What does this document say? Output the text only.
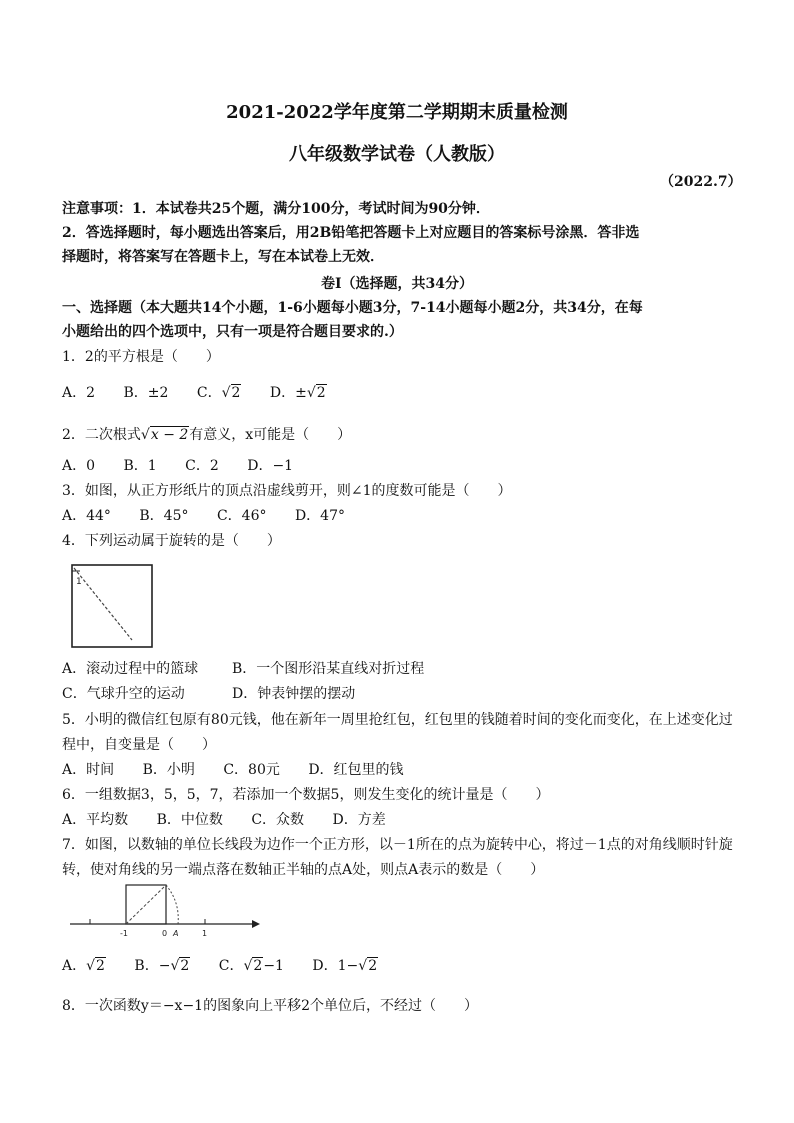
2021-2022学年度第二学期期末质量检测
八年级数学试卷（人教版）
（2022.7）
注意事项：1．本试卷共25个题，满分100分，考试时间为90分钟．
2．答选择题时，每小题选出答案后，用2B铅笔把答题卡上对应题目的答案标号涂黑．答非选
择题时，将答案写在答题卡上，写在本试卷上无效．
卷Ⅰ（选择题，共34分）
一、选择题（本大题共14个小题，1-6小题每小题3分，7-14小题每小题2分，共34分，在每
小题给出的四个选项中，只有一项是符合题目要求的.）
1．2的平方根是（　　）
A．2 B．±2 C．√2 D．±√2
2．二次根式√x − 2有意义，x可能是（　　）
A．0 B．1 C．2 D．−1
3．如图，从正方形纸片的顶点沿虚线剪开，则∠1的度数可能是（　　）
A．44° B．45° C．46° D．47°
4．下列运动属于旋转的是（　　）
1
A．滚动过程中的篮球 B．一个图形沿某直线对折过程
C．气球升空的运动	D．钟表钟摆的摆动
5．小明的微信红包原有80元钱，他在新年一周里抢红包，红包里的钱随着时间的变化而变化，在上述变化过
程中，自变量是（　　）
A．时间 B．小明 C．80元 D．红包里的钱
6．一组数据3，5，5，7，若添加一个数据5，则发生变化的统计量是（　　）
A．平均数 B．中位数 C．众数 D．方差
7．如图，以数轴的单位长线段为边作一个正方形，以－1所在的点为旋转中心，将过－1点的对角线顺时针旋
转，使对角线的另一端点落在数轴正半轴的点A处，则点A表示的数是（　　）
-1	0 A	1
A．√2 B．−√2 C．√2−1 D．1−√2
8．一次函数y＝−x−1的图象向上平移2个单位后，不经过（　　）
